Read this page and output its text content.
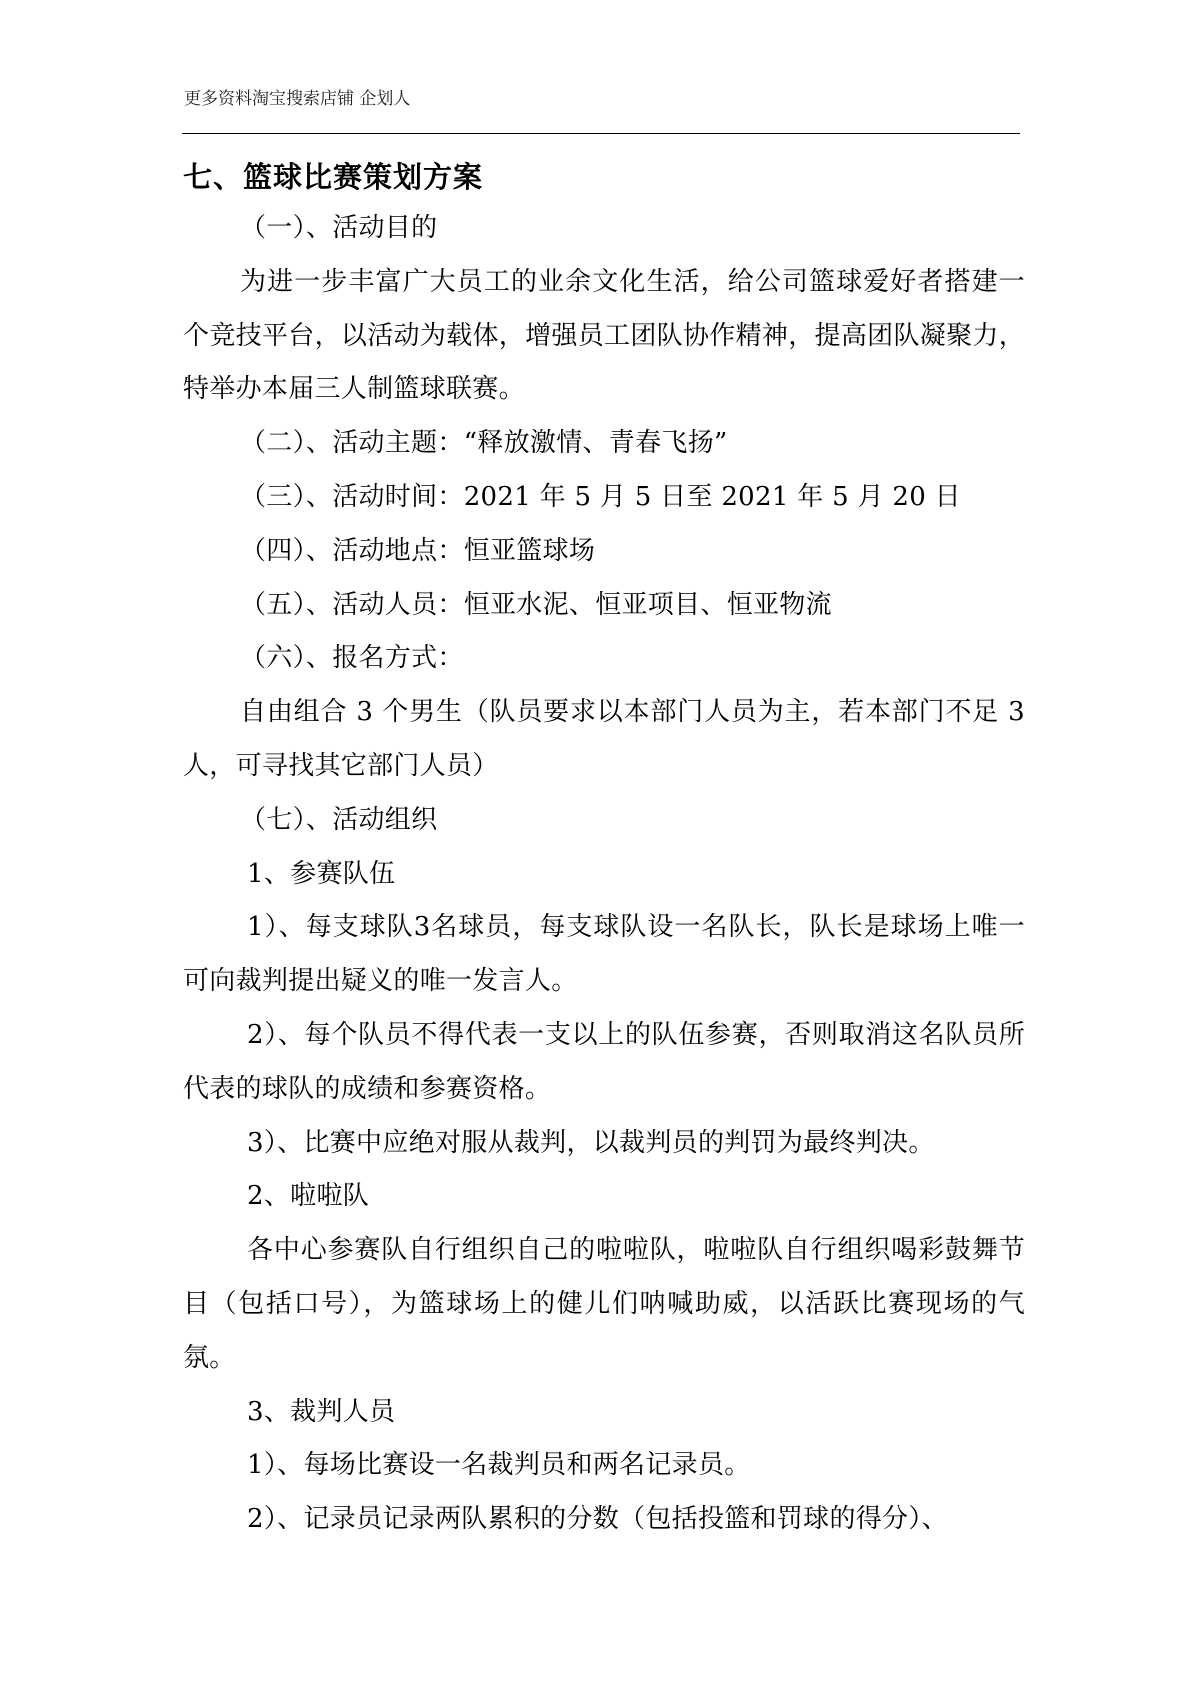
更多资料淘宝搜索店铺 企划人
七、篮球比赛策划方案

（一）、活动目的

为进一步丰富广大员工的业余文化生活，给公司篮球爱好者搭建一个竞技平台，以活动为载体，增强员工团队协作精神，提高团队凝聚力，特举办本届三人制篮球联赛。

（二）、活动主题：“释放激情、青春飞扬”

（三）、活动时间：2021 年 5 月 5 日至 2021 年 5 月 20 日

（四）、活动地点：恒亚篮球场

（五）、活动人员：恒亚水泥、恒亚项目、恒亚物流

（六）、报名方式：

自由组合 3 个男生（队员要求以本部门人员为主，若本部门不足 3 人，可寻找其它部门人员）

（七）、活动组织

1、参赛队伍

1）、每支球队3名球员，每支球队设一名队长，队长是球场上唯一可向裁判提出疑义的唯一发言人。

2）、每个队员不得代表一支以上的队伍参赛，否则取消这名队员所代表的球队的成绩和参赛资格。

3）、比赛中应绝对服从裁判，以裁判员的判罚为最终判决。

2、啦啦队

各中心参赛队自行组织自己的啦啦队，啦啦队自行组织喝彩鼓舞节目（包括口号），为篮球场上的健儿们呐喊助威，以活跃比赛现场的气氛。

3、裁判人员

1）、每场比赛设一名裁判员和两名记录员。

2）、记录员记录两队累积的分数（包括投篮和罚球的得分）、
